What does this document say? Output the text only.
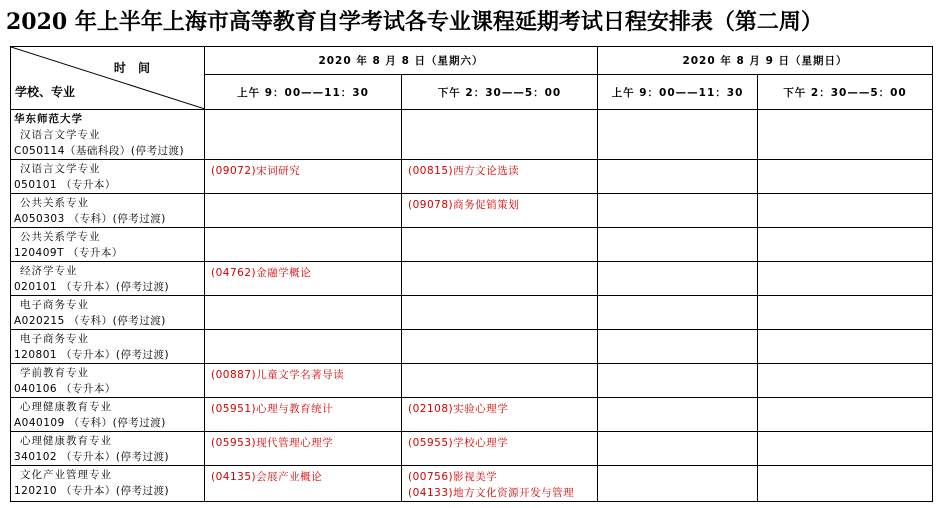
2020 年上半年上海市高等教育自学考试各专业课程延期考试日程安排表（第二周）
时 间
学校、专业	2020 年 8 月 8 日（星期六）		2020 年 8 月 9 日（星期日）	
	上午 9：00——11：30	下午 2：30——5：00	上午 9：00——11：30	下午 2：30——5：00

华东师范大学
汉语言文学专业
C050114（基础科段）(停考过渡)				

汉语言文学专业
050101 （专升本）	(09072)宋词研究	(00815)西方文论选读		

公共关系专业
A050303 （专科）(停考过渡)		(09078)商务促销策划		

公共关系学专业
120409T （专升本）				

经济学专业
020101 （专升本）(停考过渡)	(04762)金融学概论			

电子商务专业
A020215 （专科）(停考过渡)				

电子商务专业
120801 （专升本）(停考过渡)				

学前教育专业
040106 （专升本）	(00887)儿童文学名著导读			

心理健康教育专业
A040109 （专科）(停考过渡)	(05951)心理与教育统计	(02108)实验心理学		

心理健康教育专业
340102 （专升本）(停考过渡)	(05953)现代管理心理学	(05955)学校心理学		

文化产业管理专业
120210 （专升本）(停考过渡)	(04135)会展产业概论	(00756)影视美学
(04133)地方文化资源开发与管理		
